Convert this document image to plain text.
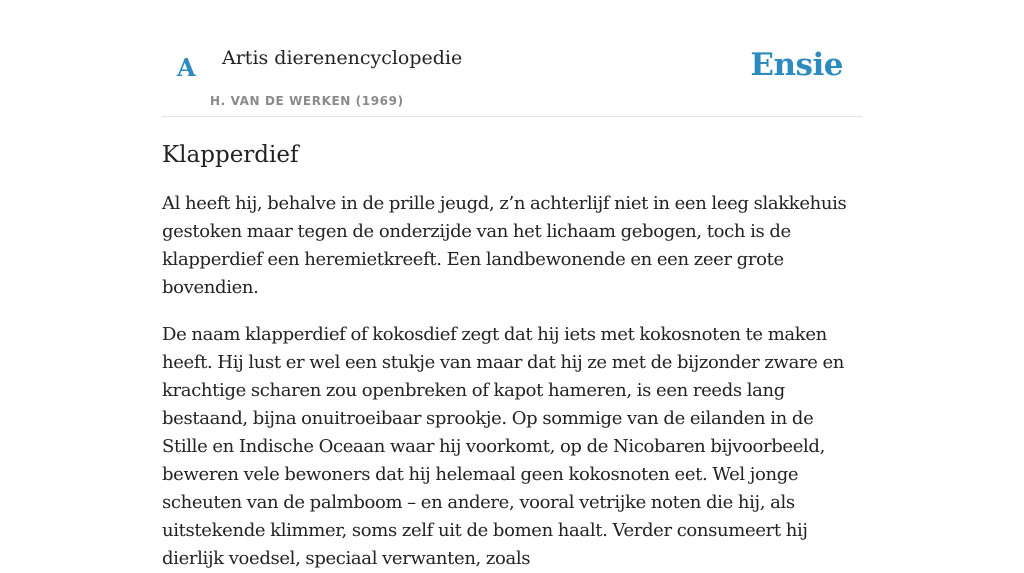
A Artis dierenencyclopedie
H. VAN DE WERKEN (1969)
Ensie
Klapperdief

Al heeft hij, behalve in de prille jeugd, z’n achterlijf niet in een leeg slakkehuis gestoken maar tegen de onderzijde van het lichaam gebogen, toch is de klapperdief een heremietkreeft. Een landbewonende en een zeer grote bovendien.

De naam klapperdief of kokosdief zegt dat hij iets met kokosnoten te maken heeft. Hij lust er wel een stukje van maar dat hij ze met de bijzonder zware en krachtige scharen zou openbreken of kapot hameren, is een reeds lang bestaand, bijna onuitroeibaar sprookje. Op sommige van de eilanden in de Stille en Indische Oceaan waar hij voorkomt, op de Nicobaren bijvoorbeeld, beweren vele bewoners dat hij helemaal geen kokosnoten eet. Wel jonge scheuten van de palmboom – en andere, vooral vetrijke noten die hij, als uitstekende klimmer, soms zelf uit de bomen haalt. Verder consumeert hij dierlijk voedsel, speciaal verwanten, zoals
